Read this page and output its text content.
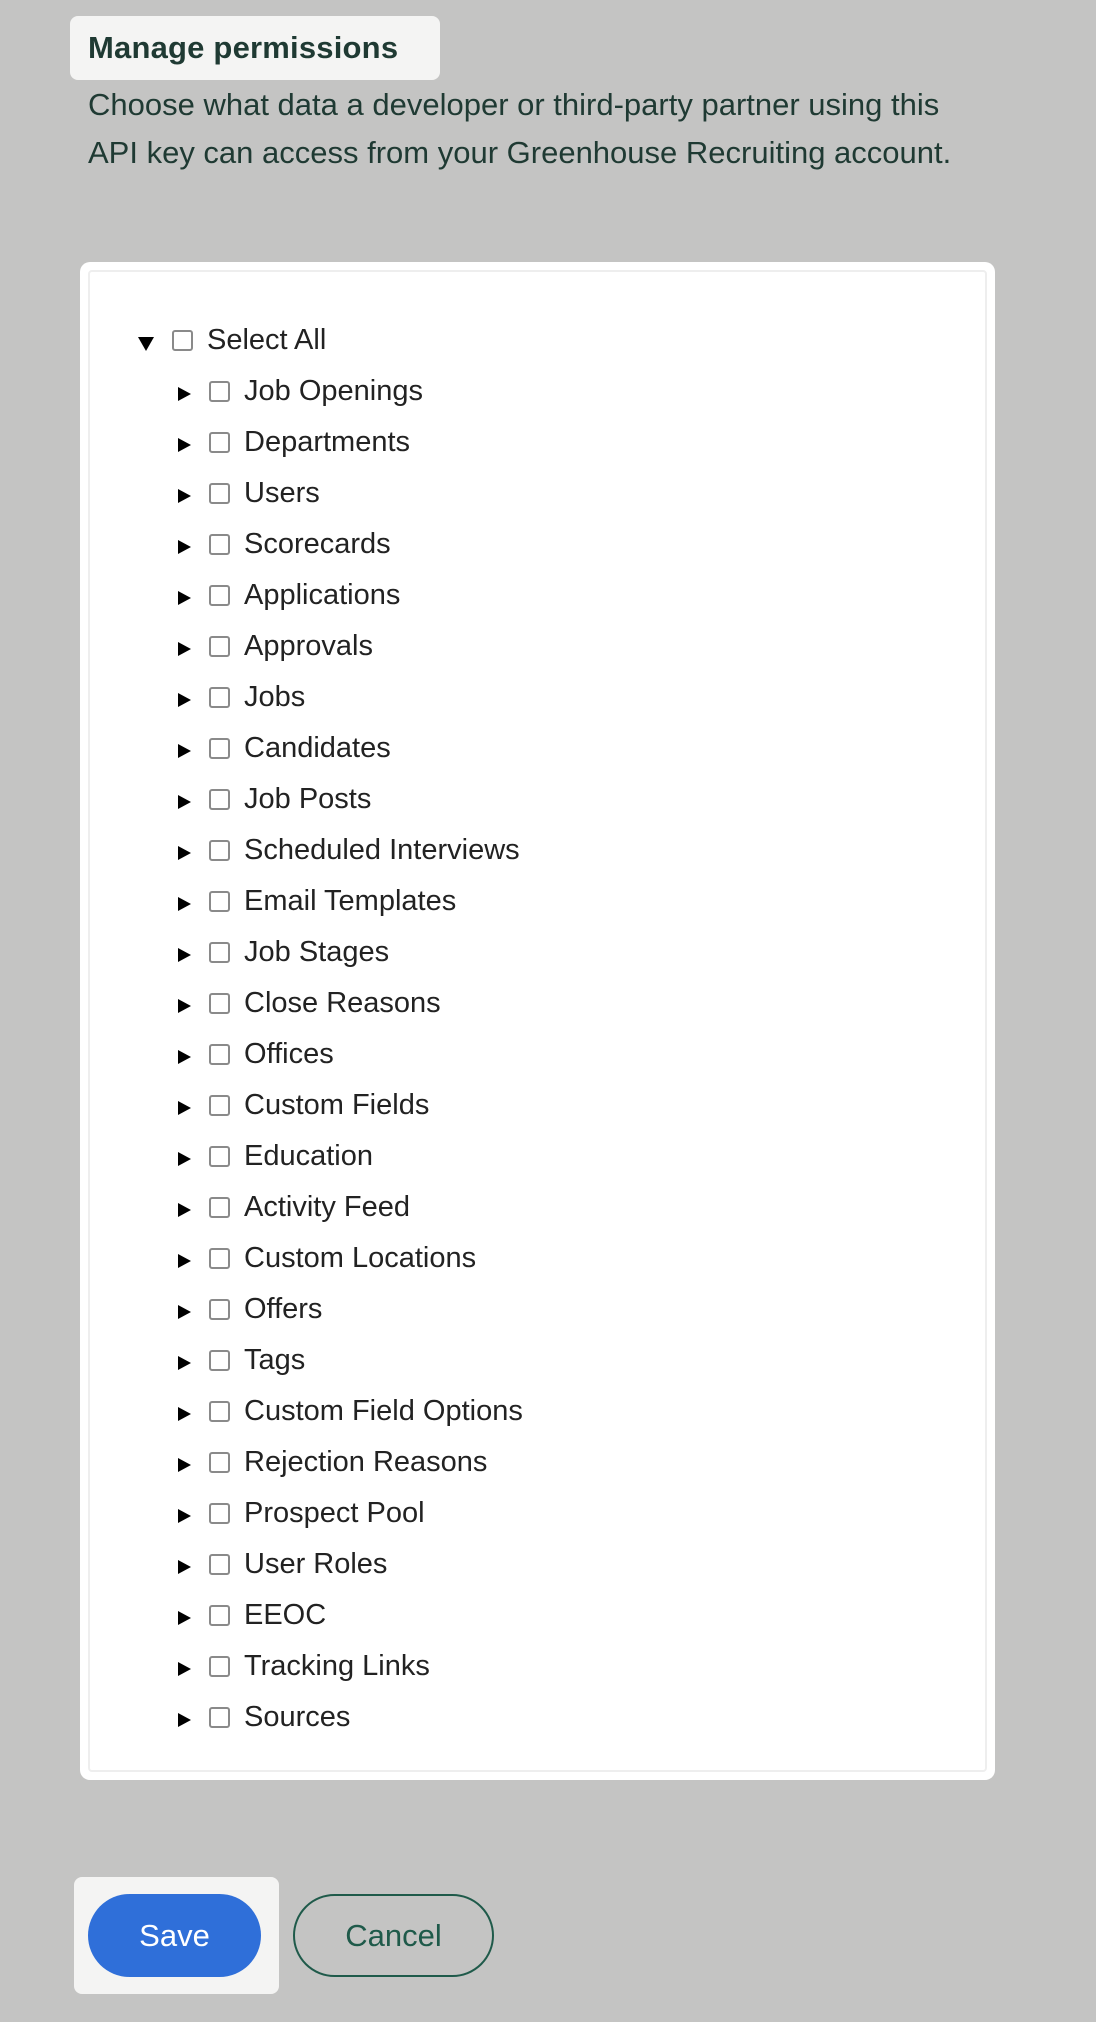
Manage permissions
Choose what data a developer or third-party partner using this API key can access from your Greenhouse Recruiting account.
Select All
Job Openings
Departments
Users
Scorecards
Applications
Approvals
Jobs
Candidates
Job Posts
Scheduled Interviews
Email Templates
Job Stages
Close Reasons
Offices
Custom Fields
Education
Activity Feed
Custom Locations
Offers
Tags
Custom Field Options
Rejection Reasons
Prospect Pool
User Roles
EEOC
Tracking Links
Sources
Save	Cancel
